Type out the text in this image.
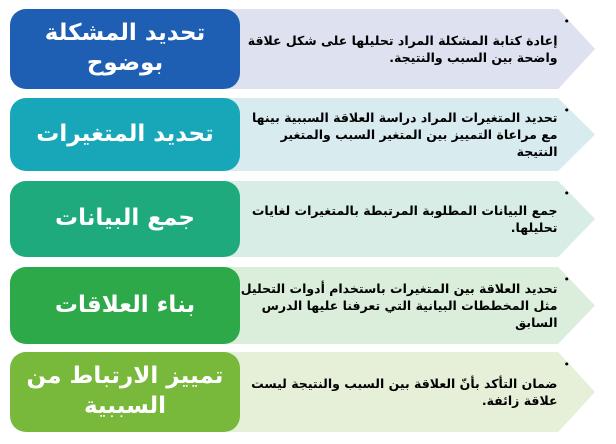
•
إعادة كتابة المشكلة المراد تحليلها على شكل علاقة واضحة بين السبب والنتيجة.
تحديد المشكلة بوضوح
•
تحديد المتغيرات المراد دراسة العلاقة السببية بينها مع مراعاة التمييز بين المتغير السبب والمتغير النتيجة
تحديد المتغيرات
•
جمع البيانات المطلوبة المرتبطة بالمتغيرات لغايات تحليلها.
جمع البيانات
•
تحديد العلاقة بين المتغيرات باستخدام أدوات التحليل مثل المخططات البيانية التي تعرفنا عليها الدرس السابق
بناء العلاقات
•
ضمان التأكد بأنّ العلاقة بين السبب والنتيجة ليست علاقة زائفة.
تمييز الارتباط من السببية
